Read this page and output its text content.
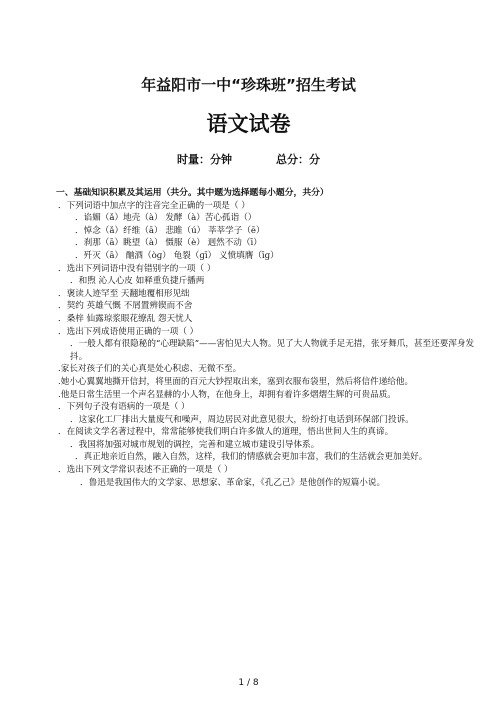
年益阳市一中“珍珠班”招生考试
语文试卷
时量：分钟	总分：分
一、基础知识积累及其运用（共分。其中题为选择题每小题分，共分）
．下列词语中加点字的注音完全正确的一项是（ ）
．谄媚（ǎ）地壳（à） 发酵（à）苦心孤诣（）
．悼念（ǎ）纤维（ā） 悲睢（ú） 莘莘学子（ē）
．刹那（ā）眺望（à） 慑服（è） 迥然不动（ī）
．歼灭（ā） 酗酒（òɡ） 龟裂（ɡī） 义愤填膺（īɡ）
．选出下列词语中没有错别字的一项（ ）
．和煦 沁人心皮 如释重负捷斤播两
．褒读人迹罕至 天翻地覆相形见绌
．契约 英雄气慨 不屑置辨锲而不舍
．桑梓 仙露琼浆眼花缭乱 怨天忧人
．选出下列成语使用正确的一项（ ）
．一般人都有很隐秘的“心理缺陷”——害怕见大人物。见了大人物就手足无措，张牙舞爪，甚至还要浑身发抖。
.家长对孩子们的关心真是处心积虑、无微不至。
.她小心翼翼地撕开信封，将里面的百元大钞捏取出来，塞到衣服布袋里，然后将信件递给他。
.他是日常生活里一个声名显赫的小人物，在他身上，却拥有着许多熠熠生辉的可贵品质。
．下列句子没有语病的一项是（ ）
．这家化工厂排出大量废气和噪声，周边居民对此意见很大，纷纷打电话到环保部门投诉。
．在阅读文学名著过程中，常常能够使我们明白许多做人的道理，悟出世间人生的真谛。
．我国将加强对城市规划的调控，完善和建立城市建设引导体系。
．真正地亲近自然，融入自然，这样，我们的情感就会更加丰富，我们的生活就会更加美好。
．选出下列文学常识表述不正确的一项是（ ）
．鲁迅是我国伟大的文学家、思想家、革命家，《孔乙己》是他创作的短篇小说。
1 / 8
